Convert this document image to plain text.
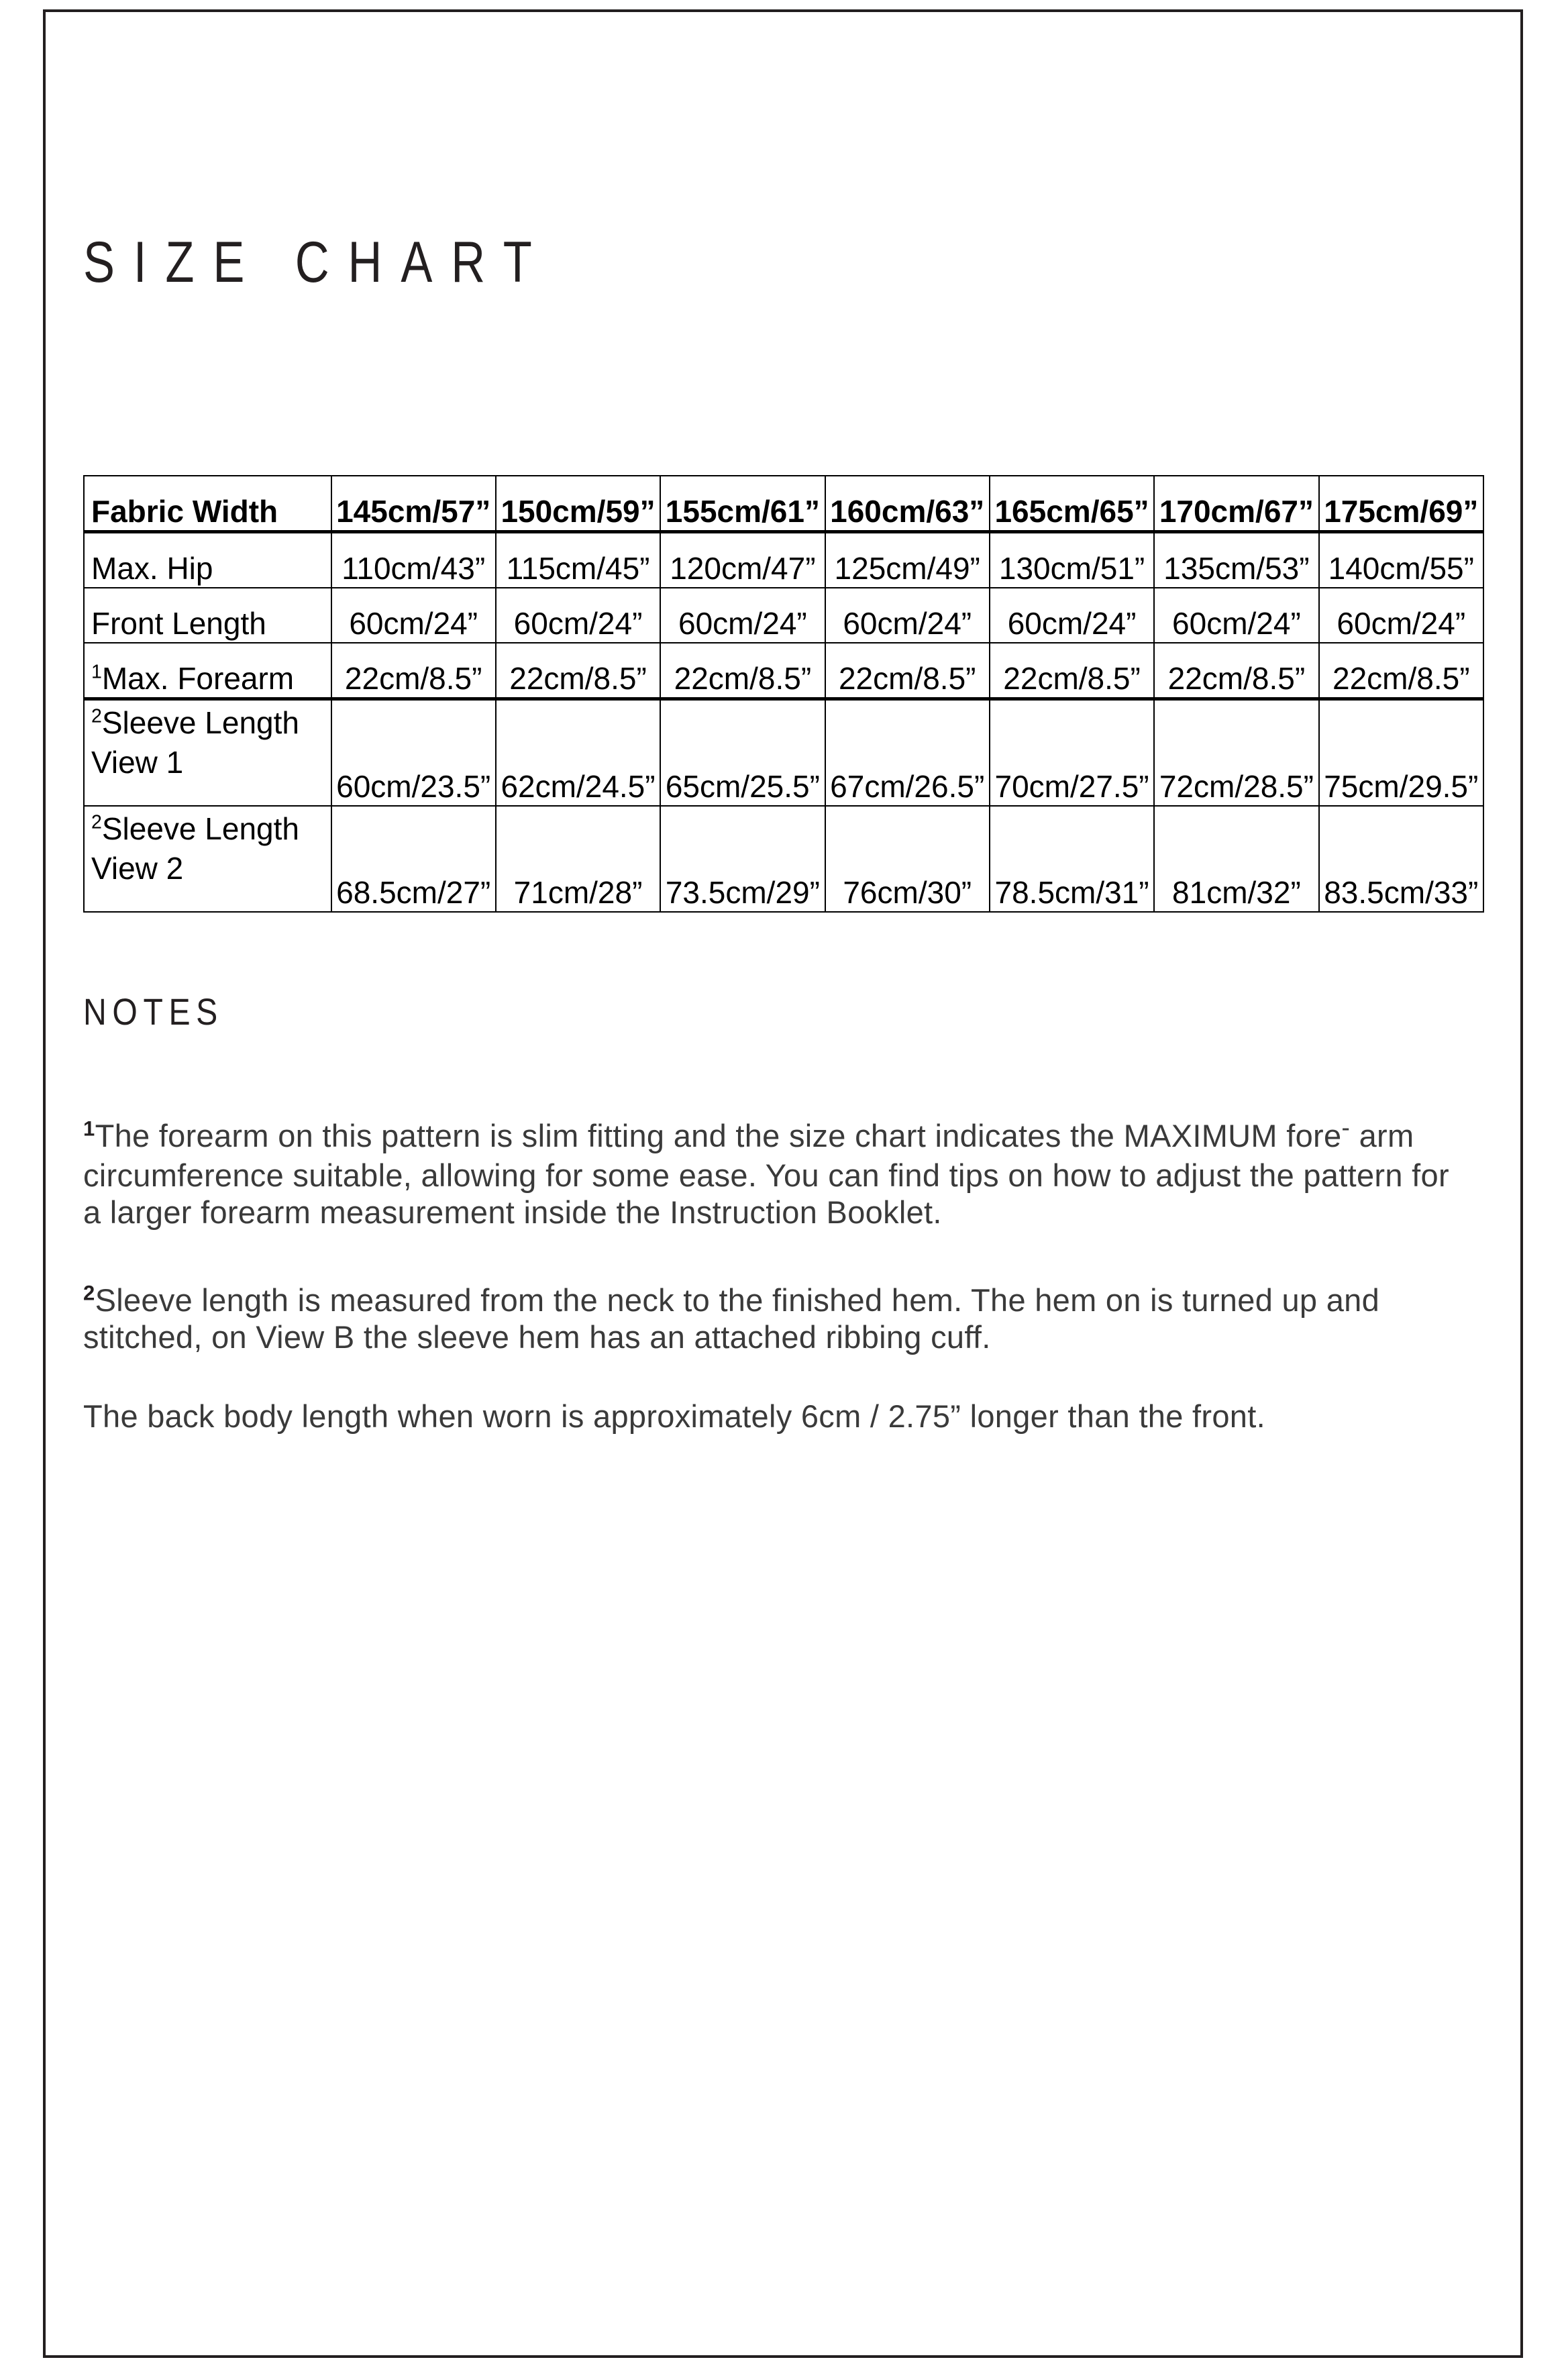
SIZE CHART
Fabric Width	145cm/57”	150cm/59”	155cm/61”	160cm/63”	165cm/65”	170cm/67”	175cm/69”
Max. Hip	110cm/43”	115cm/45”	120cm/47”	125cm/49”	130cm/51”	135cm/53”	140cm/55”
Front Length	60cm/24”	60cm/24”	60cm/24”	60cm/24”	60cm/24”	60cm/24”	60cm/24”
$^1$Max. Forearm	22cm/8.5”	22cm/8.5”	22cm/8.5”	22cm/8.5”	22cm/8.5”	22cm/8.5”	22cm/8.5”
$^2$Sleeve Length
View 1	60cm/23.5”	62cm/24.5”	65cm/25.5”	67cm/26.5”	70cm/27.5”	72cm/28.5”	75cm/29.5”
$^2$Sleeve Length
View 2	68.5cm/27”	71cm/28”	73.5cm/29”	76cm/30”	78.5cm/31”	81cm/32”	83.5cm/33”
NOTES

$^1$The forearm on this pattern is slim fitting and the size chart indicates the MAXIMUM fore‐ arm circumference suitable, allowing for some ease. You can find tips on how to adjust the pattern for a larger forearm measurement inside the Instruction Booklet.

$^2$Sleeve length is measured from the neck to the finished hem. The hem on is turned up and stitched, on View B the sleeve hem has an attached ribbing cuff.

The back body length when worn is approximately 6cm / 2.75” longer than the front.
